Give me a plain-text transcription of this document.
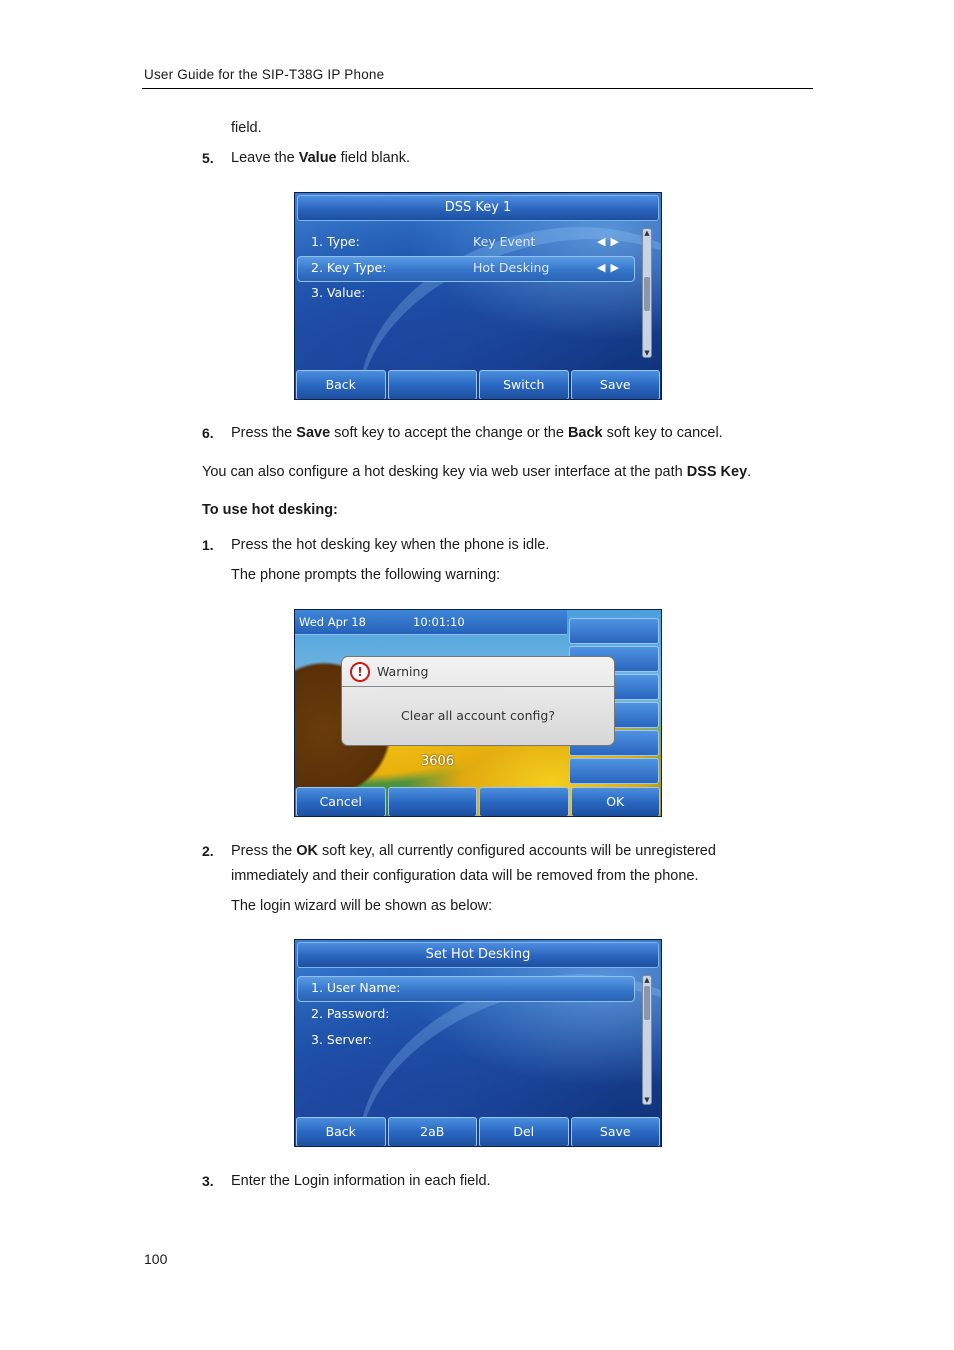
User Guide for the SIP-T38G IP Phone
field.
5. Leave the Value field blank.
DSS Key 1
1. Type:	Key Event	◀▶
2. Key Type:	Hot Desking	◀▶
3. Value:
▲
▼
Back	Switch	Save
6. Press the Save soft key to accept the change or the Back soft key to cancel.
You can also configure a hot desking key via web user interface at the path DSS Key.
To use hot desking:
1. Press the hot desking key when the phone is idle.
The phone prompts the following warning:
Wed Apr 18	10:01:10
3606
!	Warning
Clear all account config?
Cancel	OK
2. Press the OK soft key, all currently configured accounts will be unregistered
immediately and their configuration data will be removed from the phone.
The login wizard will be shown as below:
Set Hot Desking
1. User Name:
2. Password:
3. Server:
▲
▼
Back	2aB	Del	Save
3. Enter the Login information in each field.
100
